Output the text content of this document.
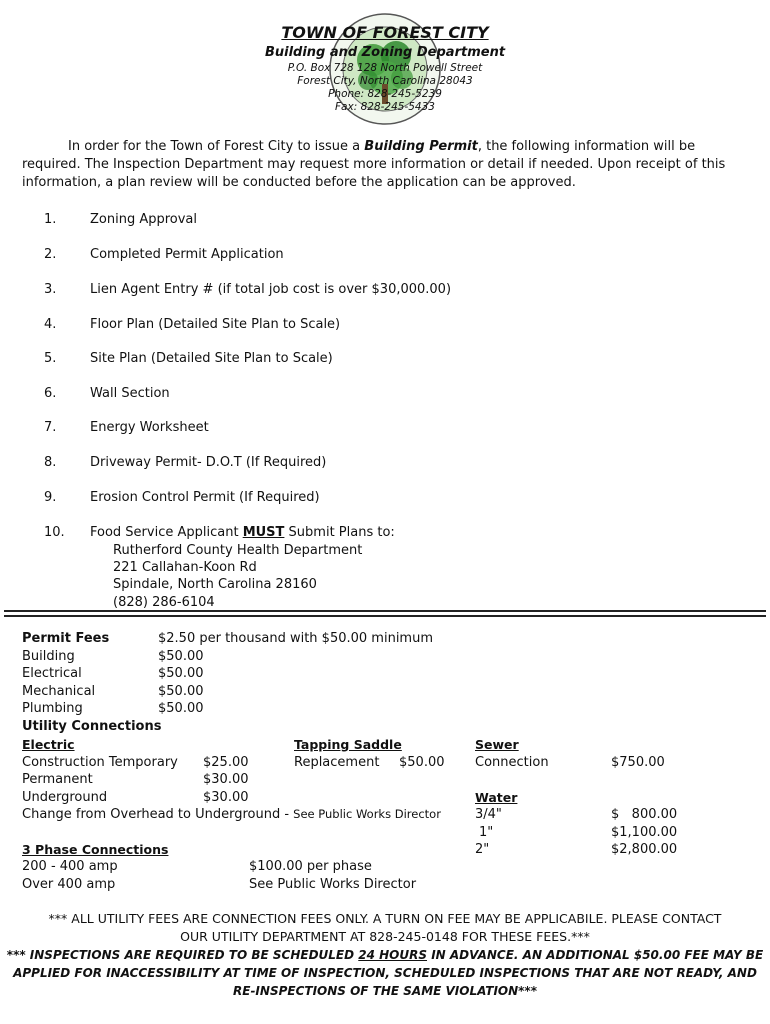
TOWN OF FOREST CITY
Building and Zoning Department
P.O. Box 728 128 North Powell Street
Forest City, North Carolina 28043
Phone: 828-245-5239
Fax: 828-245-5433

In order for the Town of Forest City to issue a Building Permit, the following information will be required. The Inspection Department may request more information or detail if needed. Upon receipt of this information, a plan review will be conducted before the application can be approved.

1.	Zoning Approval
2.	Completed Permit Application
3.	Lien Agent Entry # (if total job cost is over $30,000.00)
4.	Floor Plan (Detailed Site Plan to Scale)
5.	Site Plan (Detailed Site Plan to Scale)
6.	Wall Section
7.	Energy Worksheet
8.	Driveway Permit- D.O.T (If Required)
9.	Erosion Control Permit (If Required)
10. Food Service Applicant MUST Submit Plans to:
Rutherford County Health Department
221 Callahan-Koon Rd
Spindale, North Carolina 28160
(828) 286-6104
Permit Fees	$2.50 per thousand with $50.00 minimum
Building	$50.00
Electrical	$50.00
Mechanical	$50.00
Plumbing	$50.00
Utility Connections
Electric
Construction Temporary $25.00
Permanent	$30.00
Underground	$30.00
Change from Overhead to Underground - See Public Works Director
Tapping Saddle
Replacement $50.00
Sewer
Connection	$750.00
Water
3/4"	$   800.00
1"	$1,100.00
2"	$2,800.00
3 Phase Connections
200 - 400 amp	$100.00 per phase
Over 400 amp	See Public Works Director
*** ALL UTILITY FEES ARE CONNECTION FEES ONLY. A TURN ON FEE MAY BE APPLICABILE. PLEASE CONTACT
OUR UTILITY DEPARTMENT AT 828-245-0148 FOR THESE FEES.***
*** INSPECTIONS ARE REQUIRED TO BE SCHEDULED 24 HOURS IN ADVANCE. AN ADDITIONAL $50.00 FEE MAY BE
APPLIED FOR INACCESSIBILITY AT TIME OF INSPECTION, SCHEDULED INSPECTIONS THAT ARE NOT READY, AND
RE-INSPECTIONS OF THE SAME VIOLATION***
